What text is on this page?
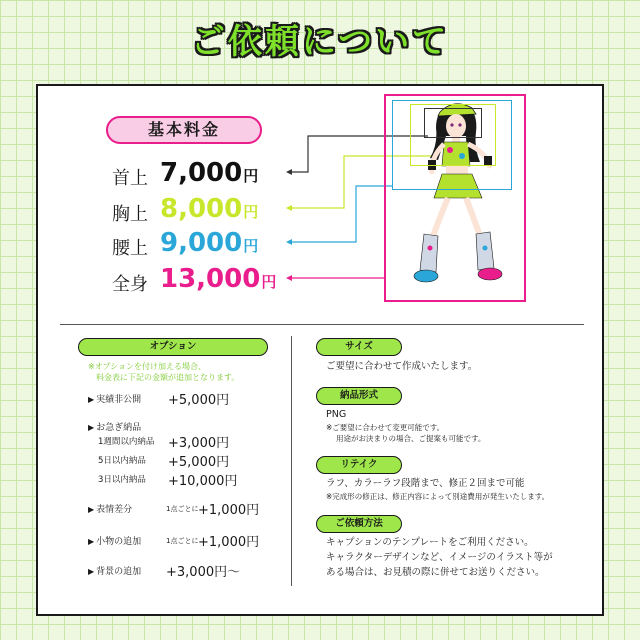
ご依頼について
基本料金
首上 7,000円
胸上 8,000円
腰上 9,000円
全身 13,000円
オプション
※オプションを付け加える場合、
料金表に下記の金額が追加となります。
▶ 実績非公開 +5,000円
▶ お急ぎ納品
1週間以内納品 +3,000円
5日以内納品 +5,000円
3日以内納品 +10,000円
▶ 表情差分	1点ごとに +1,000円
▶ 小物の追加	1点ごとに +1,000円
▶ 背景の追加 +3,000円〜
サイズ
ご要望に合わせて作成いたします。
納品形式
PNG
※ご要望に合わせて変更可能です。
用途がお決まりの場合、ご提案も可能です。
リテイク
ラフ、カラーラフ段階まで、修正２回まで可能
※完成形の修正は、修正内容によって別途費用が発生いたします。
ご依頼方法
キャプションのテンプレートをご利用ください。
キャラクターデザインなど、イメージのイラスト等が
ある場合は、お見積の際に併せてお送りください。
